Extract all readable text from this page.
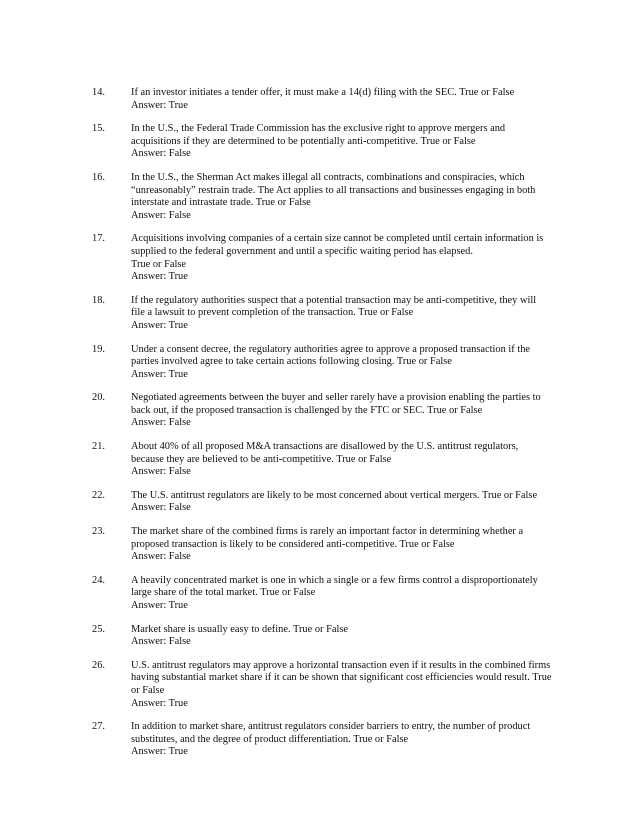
14.	If an investor initiates a tender offer, it must make a 14(d) filing with the SEC. True or False
Answer: True
15.	In the U.S., the Federal Trade Commission has the exclusive right to approve mergers and acquisitions if they are determined to be potentially anti-competitive. True or False
Answer: False
16.	In the U.S., the Sherman Act makes illegal all contracts, combinations and conspiracies, which “unreasonably” restrain trade. The Act applies to all transactions and businesses engaging in both interstate and intrastate trade. True or False
Answer: False
17.	Acquisitions involving companies of a certain size cannot be completed until certain information is supplied to the federal government and until a specific waiting period has elapsed.
True or False
Answer: True
18.	If the regulatory authorities suspect that a potential transaction may be anti-competitive, they will file a lawsuit to prevent completion of the transaction. True or False
Answer: True
19.	Under a consent decree, the regulatory authorities agree to approve a proposed transaction if the parties involved agree to take certain actions following closing. True or False
Answer: True
20.	Negotiated agreements between the buyer and seller rarely have a provision enabling the parties to back out, if the proposed transaction is challenged by the FTC or SEC. True or False
Answer: False
21.	About 40% of all proposed M&A transactions are disallowed by the U.S. antitrust regulators, because they are believed to be anti-competitive. True or False
Answer: False
22.	The U.S. antitrust regulators are likely to be most concerned about vertical mergers. True or False
Answer: False
23.	The market share of the combined firms is rarely an important factor in determining whether a proposed transaction is likely to be considered anti-competitive. True or False
Answer: False
24.	A heavily concentrated market is one in which a single or a few firms control a disproportionately large share of the total market. True or False
Answer: True
25.	Market share is usually easy to define. True or False
Answer: False
26.	U.S. antitrust regulators may approve a horizontal transaction even if it results in the combined firms having substantial market share if it can be shown that significant cost efficiencies would result. True or False
Answer: True
27.	In addition to market share, antitrust regulators consider barriers to entry, the number of product substitutes, and the degree of product differentiation. True or False
Answer: True
